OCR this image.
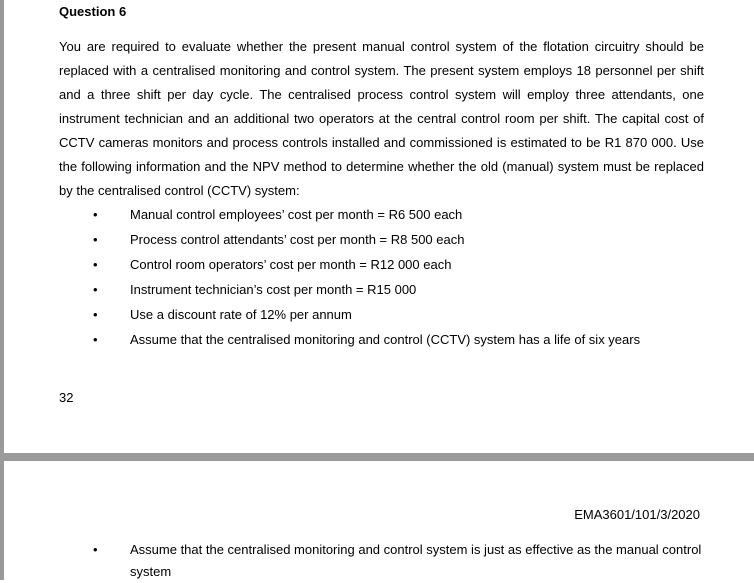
Question 6
You are required to evaluate whether the present manual control system of the flotation circuitry should be replaced with a centralised monitoring and control system. The present system employs 18 personnel per shift and a three shift per day cycle. The centralised process control system will employ three attendants, one instrument technician and an additional two operators at the central control room per shift. The capital cost of CCTV cameras monitors and process controls installed and commissioned is estimated to be R1 870 000. Use the following information and the NPV method to determine whether the old (manual) system must be replaced by the centralised control (CCTV) system:
• Manual control employees’ cost per month = R6 500 each
• Process control attendants’ cost per month = R8 500 each
• Control room operators’ cost per month = R12 000 each
• Instrument technician’s cost per month = R15 000
• Use a discount rate of 12% per annum
• Assume that the centralised monitoring and control (CCTV) system has a life of six years
32
EMA3601/101/3/2020
• Assume that the centralised monitoring and control system is just as effective as the manual control system
